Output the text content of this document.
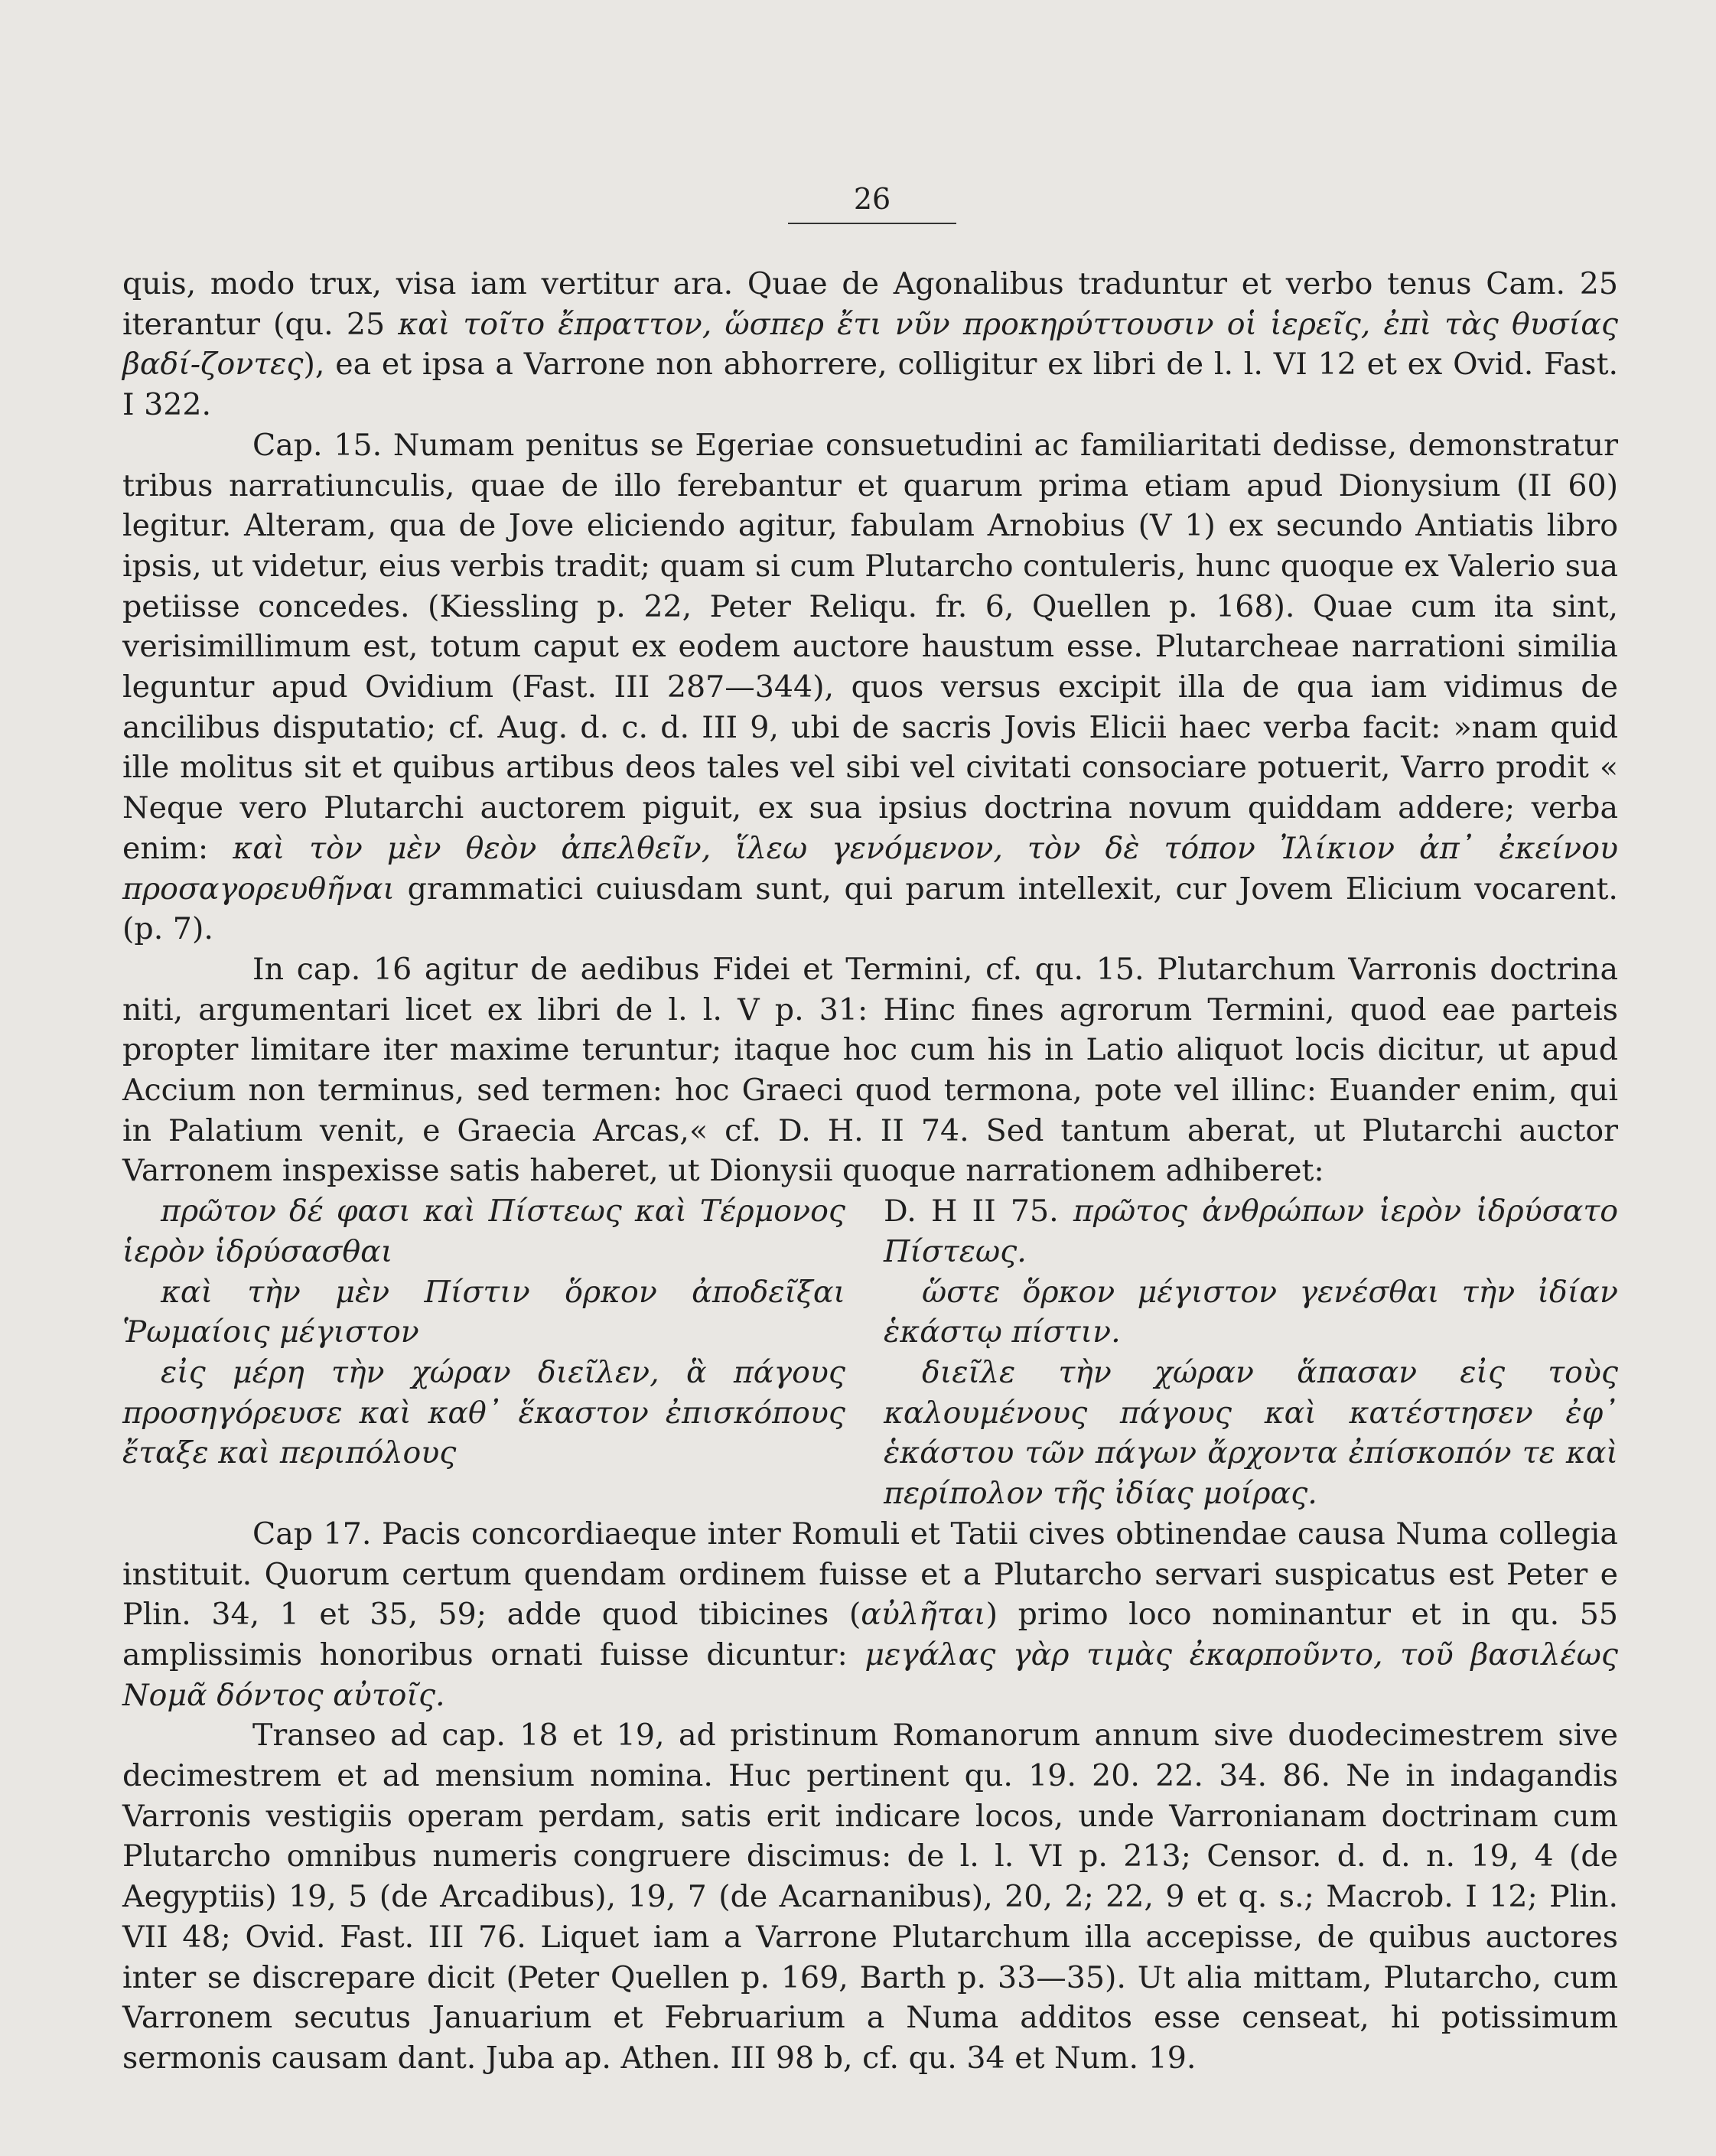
26

quis, modo trux, visa iam vertitur ara. Quae de Agonalibus traduntur et verbo tenus Cam. 25 iterantur (qu. 25 καὶ τοῖτο ἔπραττον, ὥσπερ ἔτι νῦν προκηρύττουσιν οἱ ἱερεῖς, ἐπὶ τὰς θυσίας βαδί-ζοντες), ea et ipsa a Varrone non abhorrere, colligitur ex libri de l. l. VI 12 et ex Ovid. Fast. I 322.

Cap. 15. Numam penitus se Egeriae consuetudini ac familiaritati dedisse, demonstratur tribus narratiunculis, quae de illo ferebantur et quarum prima etiam apud Dionysium (II 60) legitur. Alteram, qua de Jove eliciendo agitur, fabulam Arnobius (V 1) ex secundo Antiatis libro ipsis, ut videtur, eius verbis tradit; quam si cum Plutarcho contuleris, hunc quoque ex Valerio sua petiisse concedes. (Kiessling p. 22, Peter Reliqu. fr. 6, Quellen p. 168). Quae cum ita sint, verisimillimum est, totum caput ex eodem auctore haustum esse. Plutarcheae narrationi similia leguntur apud Ovidium (Fast. III 287—344), quos versus excipit illa de qua iam vidimus de ancilibus disputatio; cf. Aug. d. c. d. III 9, ubi de sacris Jovis Elicii haec verba facit: »nam quid ille molitus sit et quibus artibus deos tales vel sibi vel civitati consociare potuerit, Varro prodit « Neque vero Plutarchi auctorem piguit, ex sua ipsius doctrina novum quiddam addere; verba enim: καὶ τὸν μὲν θεὸν ἀπελθεῖν, ἵλεω γενόμενον, τὸν δὲ τόπον Ἰλίκιον ἀπ᾽ ἐκείνου προσαγορευθῆναι grammatici cuiusdam sunt, qui parum intellexit, cur Jovem Elicium vocarent. (p. 7).

In cap. 16 agitur de aedibus Fidei et Termini, cf. qu. 15. Plutarchum Varronis doctrina niti, argumentari licet ex libri de l. l. V p. 31: Hinc fines agrorum Termini, quod eae parteis propter limitare iter maxime teruntur; itaque hoc cum his in Latio aliquot locis dicitur, ut apud Accium non terminus, sed termen: hoc Graeci quod termona, pote vel illinc: Euander enim, qui in Palatium venit, e Graecia Arcas,« cf. D. H. II 74. Sed tantum aberat, ut Plutarchi auctor Varronem inspexisse satis haberet, ut Dionysii quoque narrationem adhiberet:

πρῶτον δέ φασι καὶ Πίστεως καὶ Τέρμονος ἱερὸν ἱδρύσασθαι

καὶ τὴν μὲν Πίστιν ὅρκον ἀποδεῖξαι Ῥωμαίοις μέγιστον

εἰς μέρη τὴν χώραν διεῖλεν, ἃ πάγους προσηγόρευσε καὶ καθ᾽ ἕκαστον ἐπισκόπους ἔταξε καὶ περιπόλους

D. H II 75. πρῶτος ἀνθρώπων ἱερὸν ἱδρύσατο Πίστεως.

ὥστε ὅρκον μέγιστον γενέσθαι τὴν ἰδίαν ἑκάστῳ πίστιν.

διεῖλε τὴν χώραν ἅπασαν εἰς τοὺς καλουμένους πάγους καὶ κατέστησεν ἐφ᾽ ἑκάστου τῶν πάγων ἄρχοντα ἐπίσκοπόν τε καὶ περίπολον τῆς ἰδίας μοίρας.

Cap 17. Pacis concordiaeque inter Romuli et Tatii cives obtinendae causa Numa collegia instituit. Quorum certum quendam ordinem fuisse et a Plutarcho servari suspicatus est Peter e Plin. 34, 1 et 35, 59; adde quod tibicines (αὐλῆται) primo loco nominantur et in qu. 55 amplissimis honoribus ornati fuisse dicuntur: μεγάλας γὰρ τιμὰς ἐκαρποῦντο, τοῦ βασιλέως Νομᾶ δόντος αὐτοῖς.

Transeo ad cap. 18 et 19, ad pristinum Romanorum annum sive duodecimestrem sive decimestrem et ad mensium nomina. Huc pertinent qu. 19. 20. 22. 34. 86. Ne in indagandis Varronis vestigiis operam perdam, satis erit indicare locos, unde Varronianam doctrinam cum Plutarcho omnibus numeris congruere discimus: de l. l. VI p. 213; Censor. d. d. n. 19, 4 (de Aegyptiis) 19, 5 (de Arcadibus), 19, 7 (de Acarnanibus), 20, 2; 22, 9 et q. s.; Macrob. I 12; Plin. VII 48; Ovid. Fast. III 76. Liquet iam a Varrone Plutarchum illa accepisse, de quibus auctores inter se discrepare dicit (Peter Quellen p. 169, Barth p. 33—35). Ut alia mittam, Plutarcho, cum Varronem secutus Januarium et Februarium a Numa additos esse censeat, hi potissimum sermonis causam dant. Juba ap. Athen. III 98 b, cf. qu. 34 et Num. 19.
